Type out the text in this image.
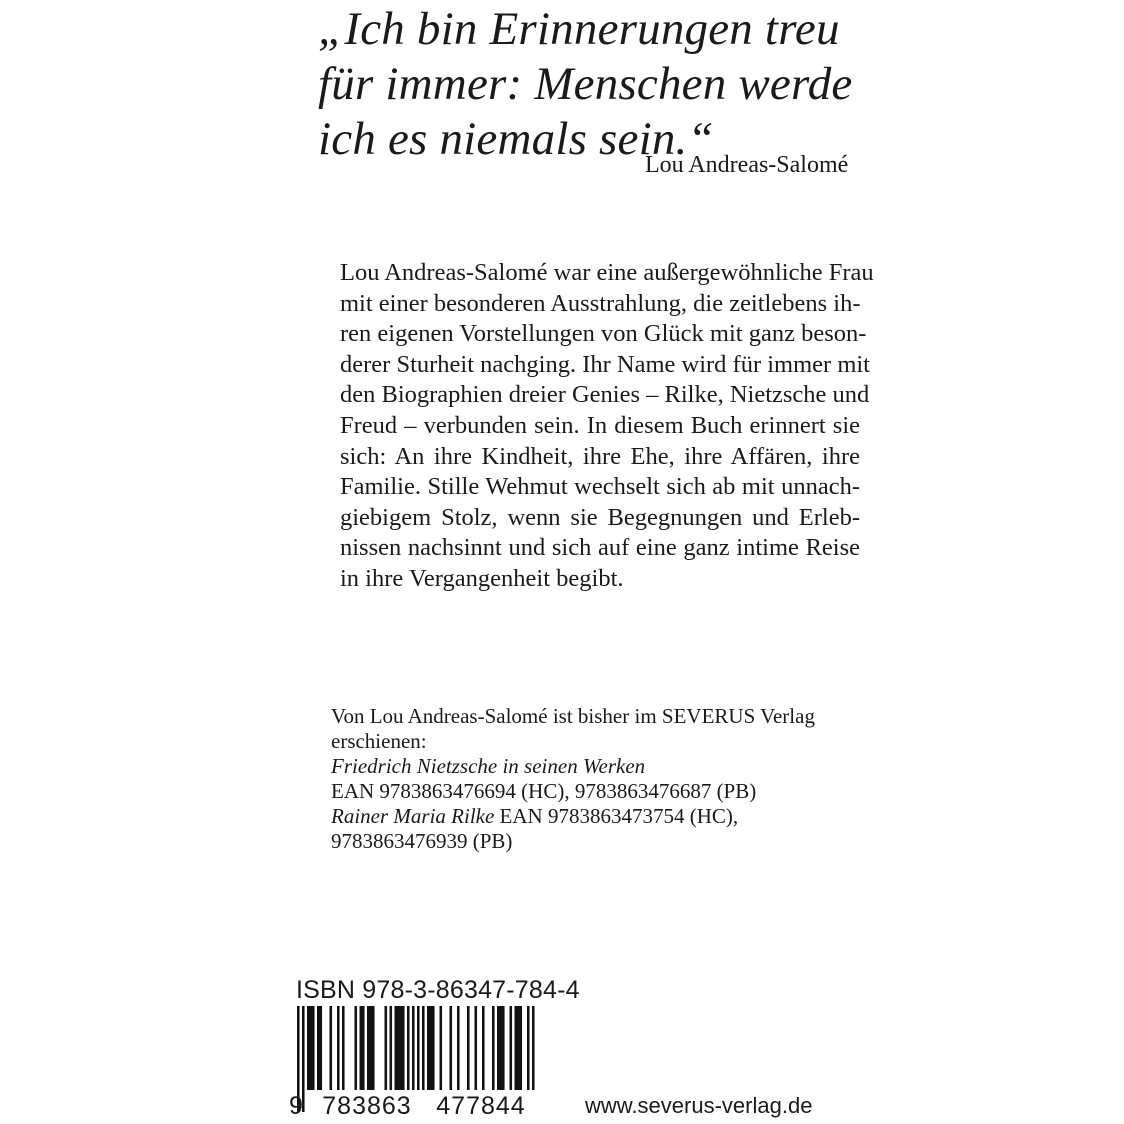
„Ich bin Erinnerungen treu
für immer: Menschen werde
ich es niemals sein.“
Lou Andreas-Salomé
Lou Andreas-Salomé war eine außergewöhnliche Frau
mit einer besonderen Ausstrahlung, die zeitlebens ih-
ren eigenen Vorstellungen von Glück mit ganz beson-
derer Sturheit nachging. Ihr Name wird für immer mit
den Biographien dreier Genies – Rilke, Nietzsche und
Freud – verbunden sein. In diesem Buch erinnert sie
sich: An ihre Kindheit, ihre Ehe, ihre Affären, ihre
Familie. Stille Wehmut wechselt sich ab mit unnach-
giebigem Stolz, wenn sie Begegnungen und Erleb-
nissen nachsinnt und sich auf eine ganz intime Reise
in ihre Vergangenheit begibt.
Von Lou Andreas-Salomé ist bisher im SEVERUS Verlag
erschienen:
Friedrich Nietzsche in seinen Werken
EAN 9783863476694 (HC), 9783863476687 (PB)
Rainer Maria Rilke EAN 9783863473754 (HC),
9783863476939 (PB)
ISBN 978-3-86347-784-4
9 783863 477844	www.severus-verlag.de
